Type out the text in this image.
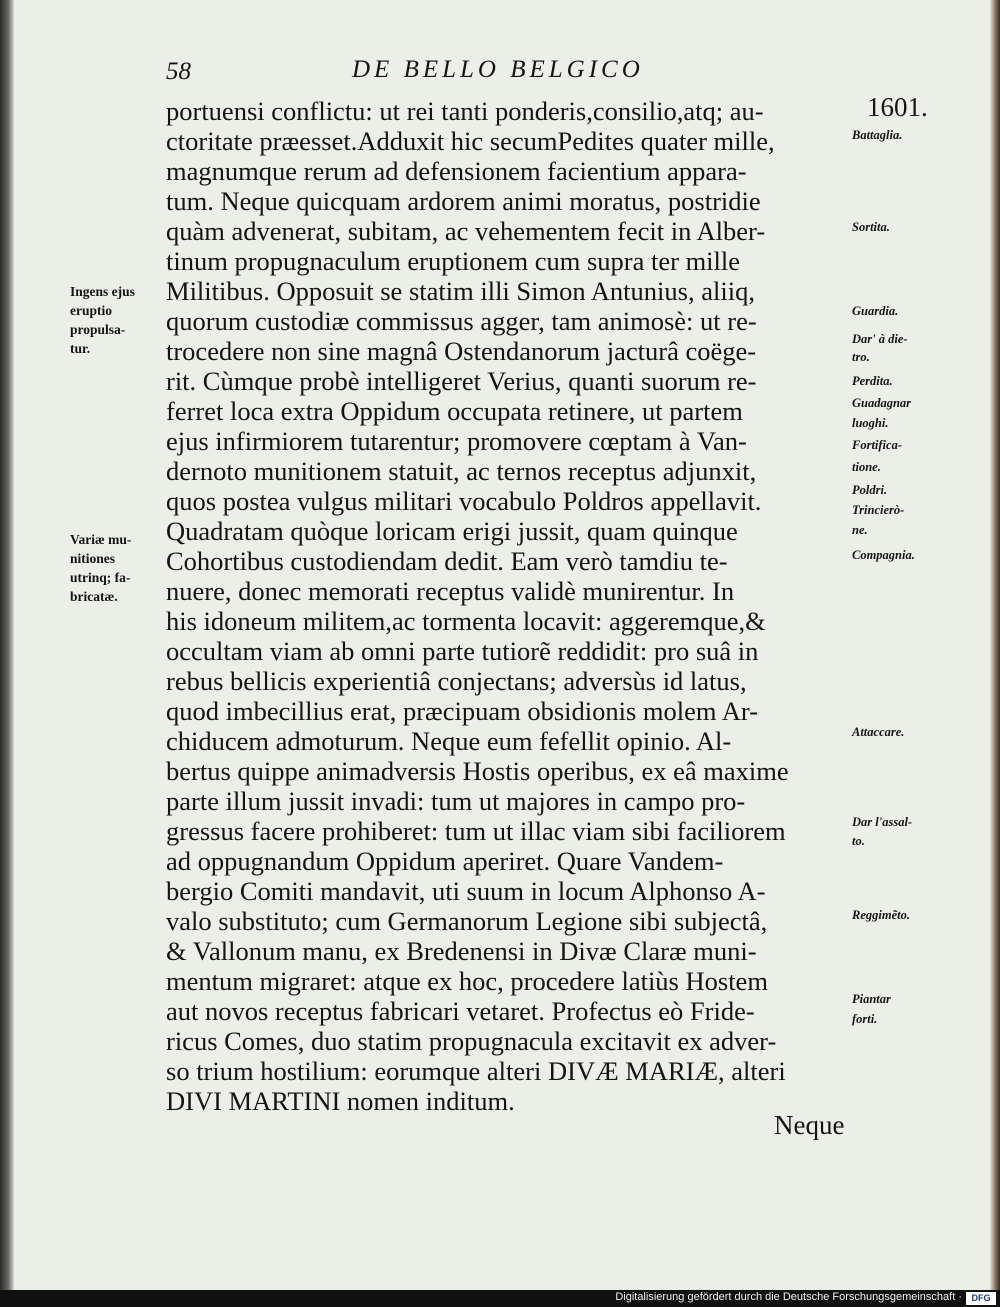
58	DE BELLO BELGICO
1601.
portuensi conflictu: ut rei tanti ponderis,consilio,atq; au-
ctoritate præesset.Adduxit hic secumPedites quater mille,
magnumque rerum ad defensionem facientium appara-
tum. Neque quicquam ardorem animi moratus, postridie
quàm advenerat, subitam, ac vehementem fecit in Alber-
tinum propugnaculum eruptionem cum supra ter mille
Militibus. Opposuit se statim illi Simon Antunius, aliiq,
quorum custodiæ commissus agger, tam animosè: ut re-
trocedere non sine magnâ Ostendanorum jacturâ coëge-
rit. Cùmque probè intelligeret Verius, quanti suorum re-
ferret loca extra Oppidum occupata retinere, ut partem
ejus infirmiorem tutarentur; promovere cœptam à Van-
dernoto munitionem statuit, ac ternos receptus adjunxit,
quos postea vulgus militari vocabulo Poldros appellavit.
Quadratam quòque loricam erigi jussit, quam quinque
Cohortibus custodiendam dedit. Eam verò tamdiu te-
nuere, donec memorati receptus validè munirentur. In
his idoneum militem,ac tormenta locavit: aggeremque,&
occultam viam ab omni parte tutiorẽ reddidit: pro suâ in
rebus bellicis experientiâ conjectans; adversùs id latus,
quod imbecillius erat, præcipuam obsidionis molem Ar-
chiducem admoturum. Neque eum fefellit opinio. Al-
bertus quippe animadversis Hostis operibus, ex eâ maxime
parte illum jussit invadi: tum ut majores in campo pro-
gressus facere prohiberet: tum ut illac viam sibi faciliorem
ad oppugnandum Oppidum aperiret. Quare Vandem-
bergio Comiti mandavit, uti suum in locum Alphonso A-
valo substituto; cum Germanorum Legione sibi subjectâ,
& Vallonum manu, ex Bredenensi in Divæ Claræ muni-
mentum migraret: atque ex hoc, procedere latiùs Hostem
aut novos receptus fabricari vetaret. Profectus eò Fride-
ricus Comes, duo statim propugnacula excitavit ex adver-
so trium hostilium: eorumque alteri DIVÆ MARIÆ, alteri
DIVI MARTINI nomen inditum.
Ingens ejus
eruptio
propulsa-
tur.
Variæ mu-
nitiones
utrinq; fa-
bricatæ.
Battaglia.
Sortita.
Guardia.
Dar' à die-
tro.
Perdita.
Guadagnar
luoghi.
Fortifica-
tione.
Poldri.
Trincierò-
ne.
Compagnia.
Attaccare.
Dar l'assal-
to.
Reggimẽto.
Piantar
forti.
Neque
Digitalisierung gefördert durch die Deutsche Forschungsgemeinschaft ·	DFG
